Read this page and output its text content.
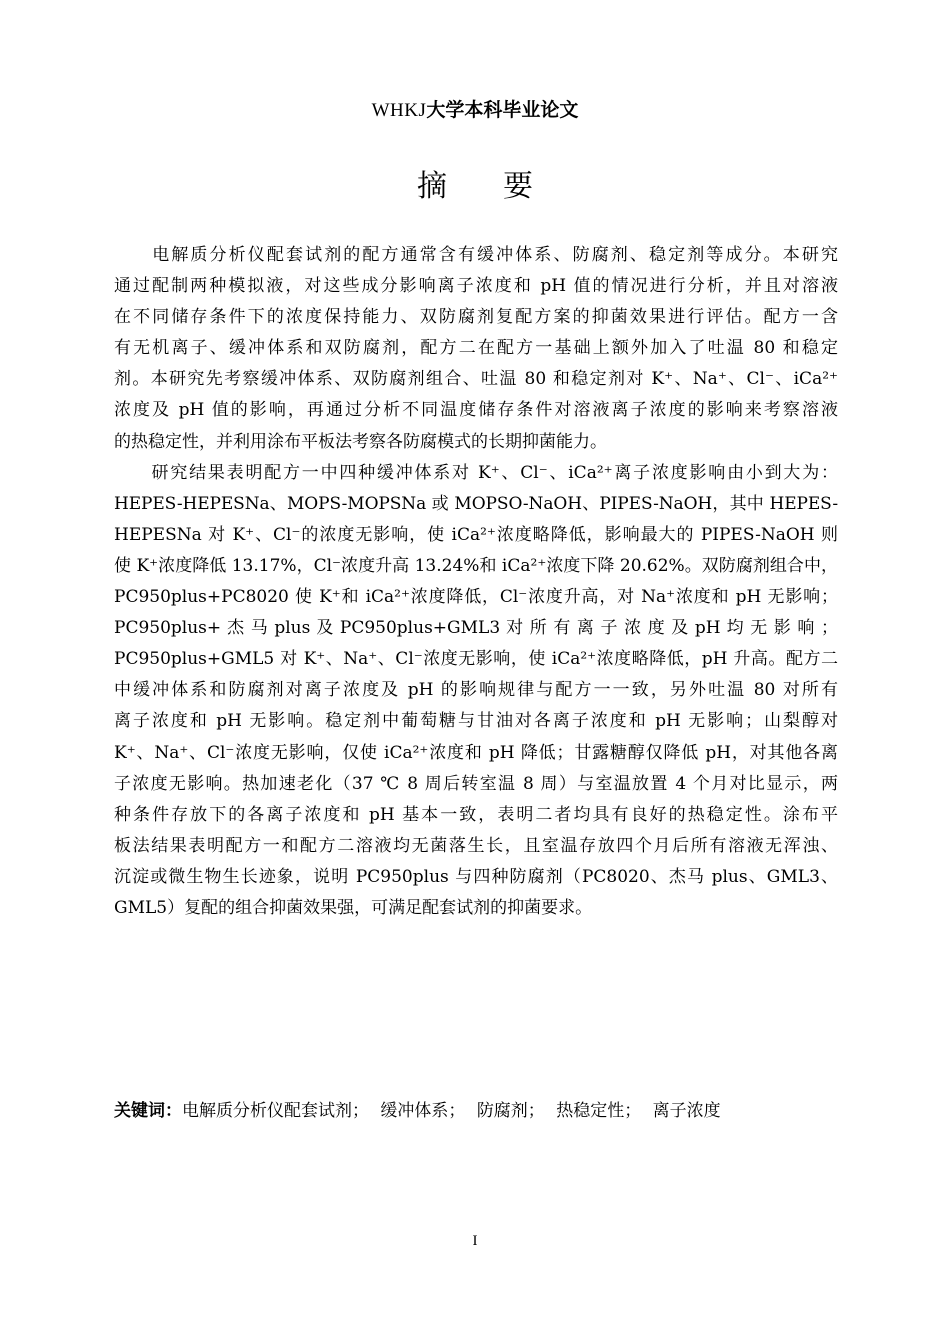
WHKJ大学本科毕业论文
摘要

　　电解质分析仪配套试剂的配方通常含有缓冲体系、防腐剂、稳定剂等成分。本研究
通过配制两种模拟液，对这些成分影响离子浓度和 pH 值的情况进行分析，并且对溶液
在不同储存条件下的浓度保持能力、双防腐剂复配方案的抑菌效果进行评估。配方一含
有无机离子、缓冲体系和双防腐剂，配方二在配方一基础上额外加入了吐温 80 和稳定
剂。本研究先考察缓冲体系、双防腐剂组合、吐温 80 和稳定剂对 K⁺、Na⁺、Cl⁻、iCa²⁺
浓度及 pH 值的影响，再通过分析不同温度储存条件对溶液离子浓度的影响来考察溶液
的热稳定性，并利用涂布平板法考察各防腐模式的长期抑菌能力。

　　研究结果表明配方一中四种缓冲体系对 K⁺、Cl⁻、iCa²⁺离子浓度影响由小到大为：
HEPES-HEPESNa、MOPS-MOPSNa 或 MOPSO-NaOH、PIPES-NaOH，其中 HEPES-
HEPESNa 对 K⁺、Cl⁻的浓度无影响，使 iCa²⁺浓度略降低，影响最大的 PIPES-NaOH 则
使 K⁺浓度降低 13.17%，Cl⁻浓度升高 13.24%和 iCa²⁺浓度下降 20.62%。双防腐剂组合中，
PC950plus+PC8020 使 K⁺和 iCa²⁺浓度降低，Cl⁻浓度升高，对 Na⁺浓度和 pH 无影响；
PC950plus+ 杰 马 plus 及 PC950plus+GML3 对 所 有 离 子 浓 度 及 pH 均 无 影 响 ；
PC950plus+GML5 对 K⁺、Na⁺、Cl⁻浓度无影响，使 iCa²⁺浓度略降低，pH 升高。配方二
中缓冲体系和防腐剂对离子浓度及 pH 的影响规律与配方一一致，另外吐温 80 对所有
离子浓度和 pH 无影响。稳定剂中葡萄糖与甘油对各离子浓度和 pH 无影响；山梨醇对
K⁺、Na⁺、Cl⁻浓度无影响，仅使 iCa²⁺浓度和 pH 降低；甘露糖醇仅降低 pH，对其他各离
子浓度无影响。热加速老化（37 ℃ 8 周后转室温 8 周）与室温放置 4 个月对比显示，两
种条件存放下的各离子浓度和 pH 基本一致，表明二者均具有良好的热稳定性。涂布平
板法结果表明配方一和配方二溶液均无菌落生长，且室温存放四个月后所有溶液无浑浊、
沉淀或微生物生长迹象，说明 PC950plus 与四种防腐剂（PC8020、杰马 plus、GML3、
GML5）复配的组合抑菌效果强，可满足配套试剂的抑菌要求。

关键词：电解质分析仪配套试剂； 缓冲体系； 防腐剂； 热稳定性； 离子浓度
I
